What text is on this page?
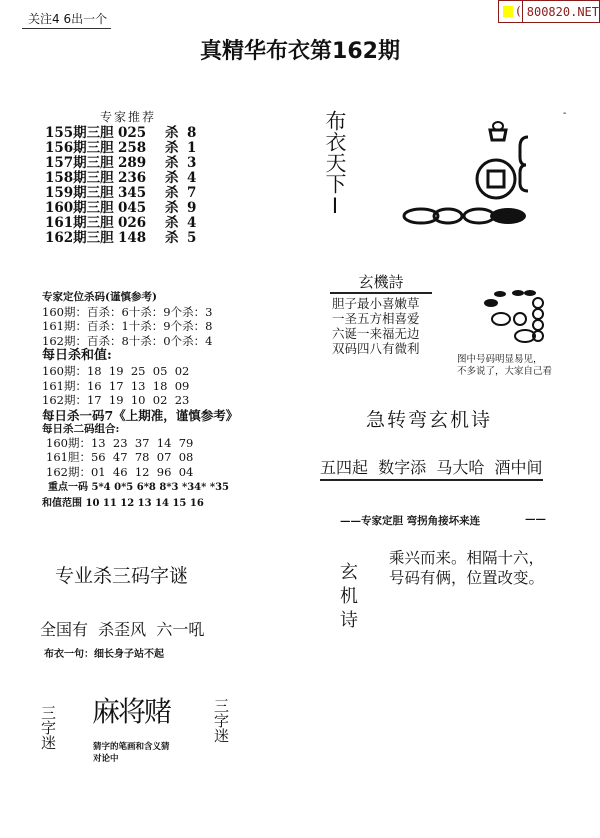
关注4 6出一个
( 800820.NET
真精华布衣第162期
专家推荐
155期三胆 025 杀 8
156期三胆 258 杀 1
157期三胆 289 杀 3
158期三胆 236 杀 4
159期三胆 345 杀 7
160期三胆 045 杀 9
161期三胆 026 杀 4
162期三胆 148 杀 5
专家定位杀码(谨慎参考)
160期：百杀：6十杀：9个杀：3
161期：百杀：1十杀：9个杀：8
162期：百杀：8十杀：0个杀：4
每日杀和值:
160期：18  19  25  05  02
161期：16  17  13  18  09
162期：17  19  10  02  23
每日杀一码7《上期准，谨慎参考》
每日杀二码组合:
160期：13  23  37  14  79
161胆：56  47  78  07  08
162期：01  46  12  96  04
重点一码 5*4 0*5 6*8 8*3 *34* *35
和值范围 10 11 12 13 14 15 16
专业杀三码字谜
全国有  杀歪风  六一吼
布衣一句：细长身子站不起
三字迷 麻将赌
猜字的笔画和含义猜
对论中
三字迷
布衣天下I	-
玄機詩
胆子最小喜嫩草
一圣五方相喜爱
六诞一来福无边
双码四八有微利
图中号码明显易见，
不多说了，大家自己看
急转弯玄机诗
五四起  数字添  马大哈  酒中间
——专家定胆 弯拐角接坏来连	——
玄机诗
乘兴而来。相隔十六，
号码有俩，位置改变。
